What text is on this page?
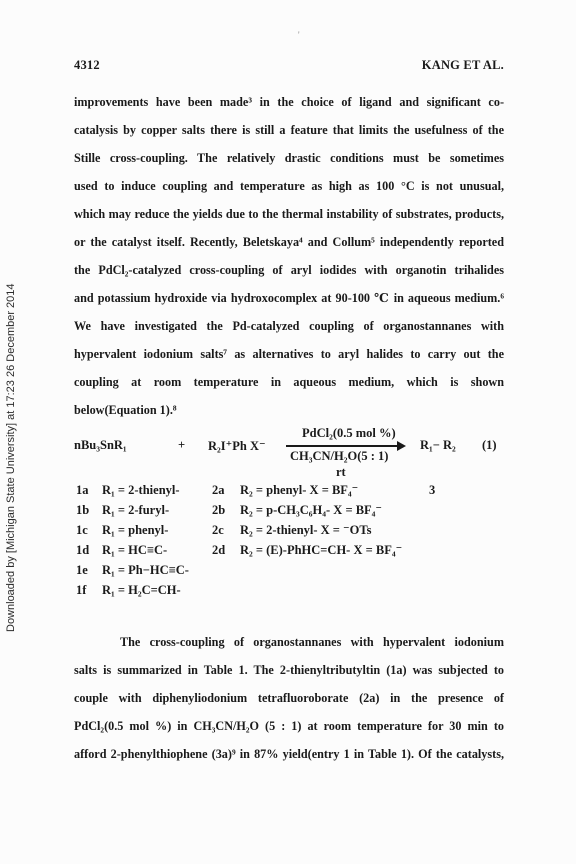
4312	KANG ET AL.
'
Downloaded by [Michigan State University] at 17:23 26 December 2014
improvements have been made³ in the choice of ligand and significant co-
catalysis by copper salts there is still a feature that limits the usefulness of the
Stille cross-coupling. The relatively drastic conditions must be sometimes
used to induce coupling and temperature as high as 100 °C is not unusual,
which may reduce the yields due to the thermal instability of substrates, products,
or the catalyst itself. Recently, Beletskaya⁴ and Collum⁵ independently reported
the PdCl₂-catalyzed cross-coupling of aryl iodides with organotin trihalides
and potassium hydroxide via hydroxocomplex at 90-100 ℃ in aqueous medium.⁶
We have investigated the Pd-catalyzed coupling of organostannanes with
hypervalent iodonium salts⁷ as alternatives to aryl halides to carry out the
coupling at room temperature in aqueous medium, which is shown
below(Equation 1).⁸
nBu₃SnR₁	+ R₂I⁺Ph X⁻
PdCl₂(0.5 mol %)
CH₃CN/H₂O(5 : 1)
rt
R₁− R₂ (1)
1a R₁ = 2-thienyl-	2a R₂ = phenyl- X = BF₄⁻	3
1b R₁ = 2-furyl-	2b R₂ = p-CH₃C₆H₄- X = BF₄⁻
1c R₁ = phenyl-	2c R₂ = 2-thienyl- X = ⁻OTs
1d R₁ = HC≡C-	2d R₂ = (E)-PhHC=CH- X = BF₄⁻
1e R₁ = Ph−HC≡C-
1f R₁ = H₂C=CH-
The cross-coupling of organostannanes with hypervalent iodonium
salts is summarized in Table 1. The 2-thienyltributyltin (1a) was subjected to
couple with diphenyliodonium tetrafluoroborate (2a) in the presence of
PdCl₂(0.5 mol %) in CH₃CN/H₂O (5 : 1) at room temperature for 30 min to
afford 2-phenylthiophene (3a)⁹ in 87% yield(entry 1 in Table 1). Of the catalysts,
